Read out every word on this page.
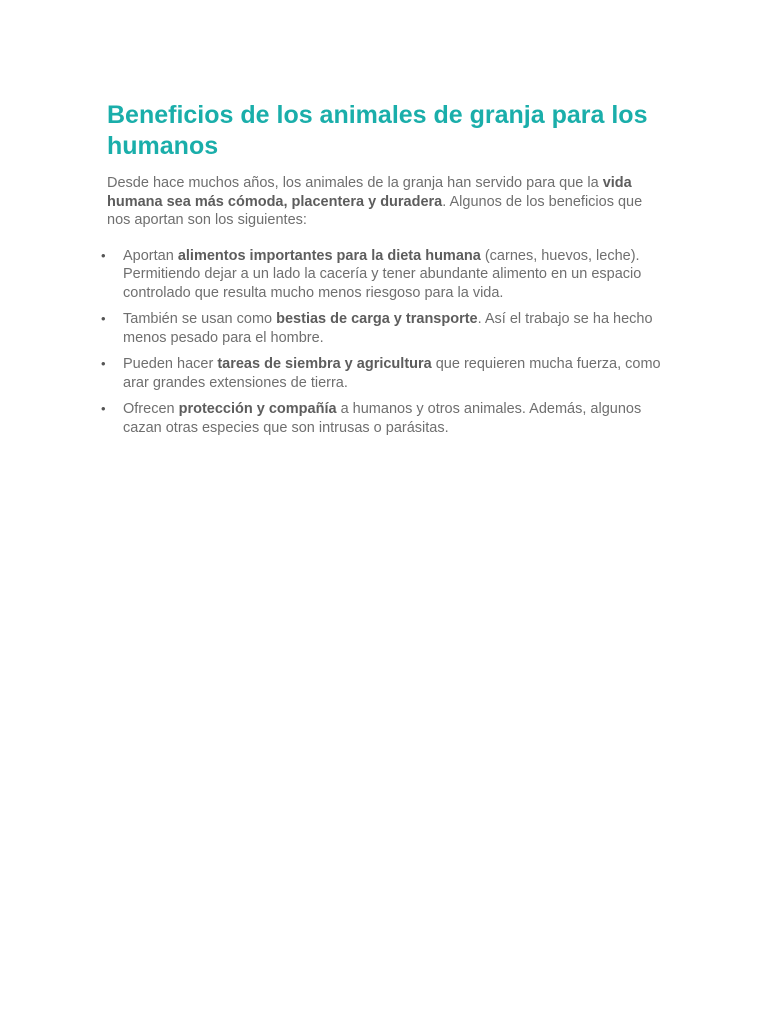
Beneficios de los animales de granja para los humanos

Desde hace muchos años, los animales de la granja han servido para que la vida humana sea más cómoda, placentera y duradera. Algunos de los beneficios que nos aportan son los siguientes:

•	Aportan alimentos importantes para la dieta humana (carnes, huevos, leche). Permitiendo dejar a un lado la cacería y tener abundante alimento en un espacio controlado que resulta mucho menos riesgoso para la vida.
•	También se usan como bestias de carga y transporte. Así el trabajo se ha hecho menos pesado para el hombre.
•	Pueden hacer tareas de siembra y agricultura que requieren mucha fuerza, como arar grandes extensiones de tierra.
•	Ofrecen protección y compañía a humanos y otros animales. Además, algunos cazan otras especies que son intrusas o parásitas.
